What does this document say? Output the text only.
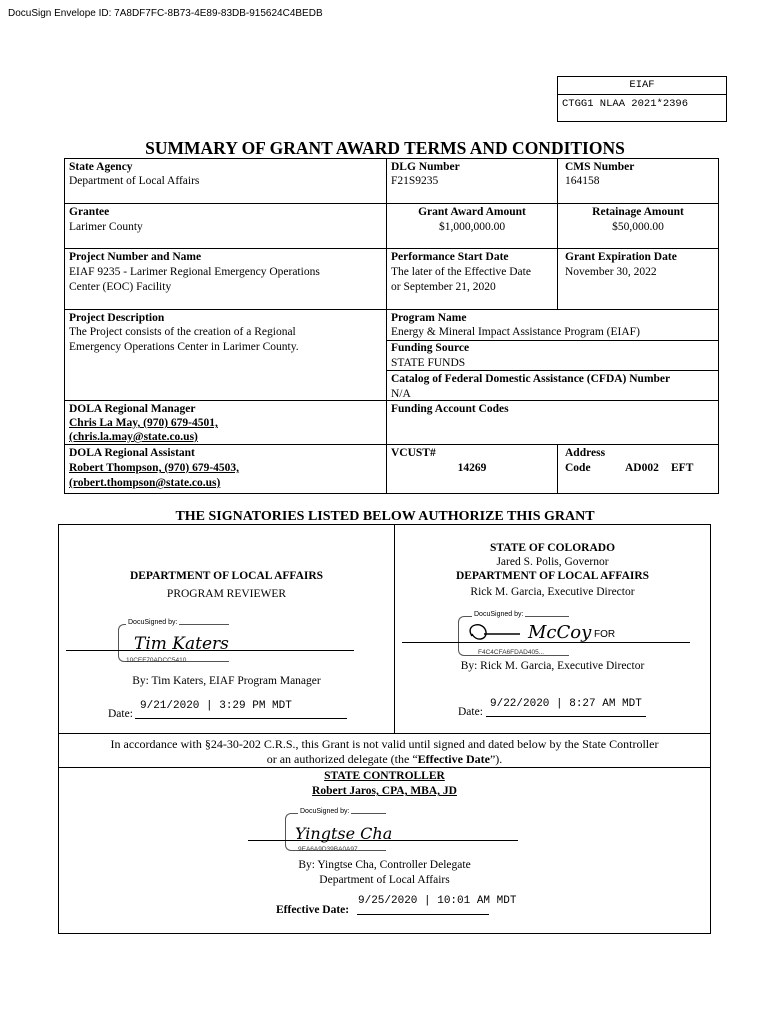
DocuSign Envelope ID: 7A8DF7FC-8B73-4E89-83DB-915624C4BEDB
EIAF
CTGG1 NLAA 2021*2396
SUMMARY OF GRANT AWARD TERMS AND CONDITIONS
State Agency
Department of Local Affairs
DLG Number
F21S9235
CMS Number
164158
Grantee
Larimer County
Grant Award Amount
$1,000,000.00
Retainage Amount
$50,000.00
Project Number and Name
EIAF 9235 - Larimer Regional Emergency Operations
Center (EOC) Facility
Performance Start Date
The later of the Effective Date
or September 21, 2020
Grant Expiration Date
November 30, 2022
Project Description
The Project consists of the creation of a Regional
Emergency Operations Center in Larimer County.
Program Name
Energy & Mineral Impact Assistance Program (EIAF)
Funding Source
STATE FUNDS
Catalog of Federal Domestic Assistance (CFDA) Number
N/A
DOLA Regional Manager
Chris La May, (970) 679-4501,
(chris.la.may@state.co.us)
Funding Account Codes
DOLA Regional Assistant
Robert Thompson, (970) 679-4503,
(robert.thompson@state.co.us)
VCUST#
14269
Address
Code	AD002 EFT
THE SIGNATORIES LISTED BELOW AUTHORIZE THIS GRANT
DEPARTMENT OF LOCAL AFFAIRS
PROGRAM REVIEWER
DocuSigned by:
Tim Katers
10CEF70ADCC5410
By: Tim Katers, EIAF Program Manager
Date:
9/21/2020 | 3:29 PM MDT
STATE OF COLORADO
Jared S. Polis, Governor
DEPARTMENT OF LOCAL AFFAIRS
Rick M. Garcia, Executive Director
DocuSigned by:
McCoy FOR
F4C4CFA6FDAD405...
By: Rick M. Garcia, Executive Director
Date:
9/22/2020 | 8:27 AM MDT
In accordance with §24-30-202 C.R.S., this Grant is not valid until signed and dated below by the State Controller
or an authorized delegate (the “Effective Date”).
STATE CONTROLLER
Robert Jaros, CPA, MBA, JD
DocuSigned by:
Yingtse Cha
9EA6A9D39BA0A97
By: Yingtse Cha, Controller Delegate
Department of Local Affairs
Effective Date:
9/25/2020 | 10:01 AM MDT
